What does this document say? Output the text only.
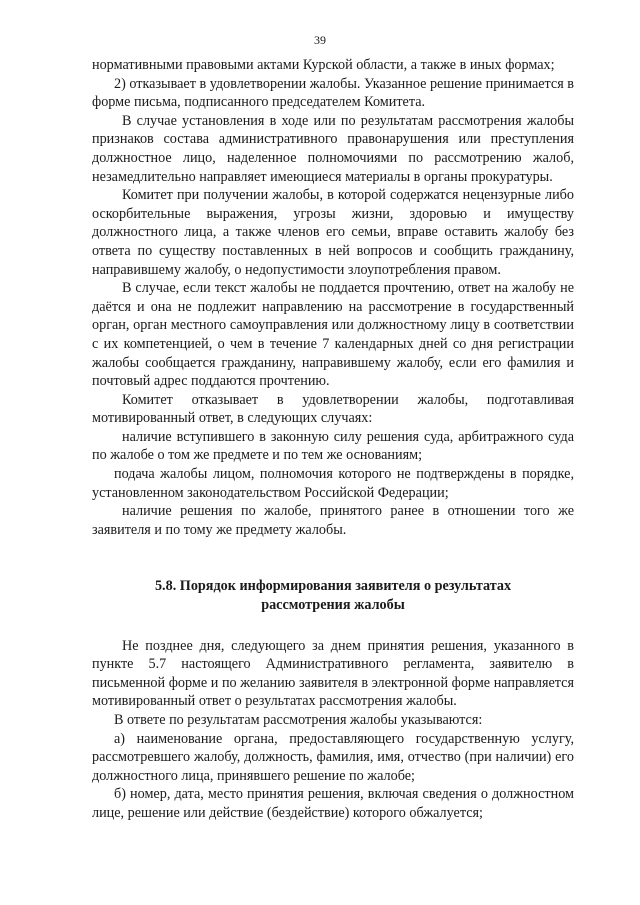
39

нормативными правовыми актами Курской области, а также в иных формах;

2) отказывает в удовлетворении жалобы. Указанное решение принимается в форме письма, подписанного председателем Комитета.

В случае установления в ходе или по результатам рассмотрения жалобы признаков состава административного правонарушения или преступления должностное лицо, наделенное полномочиями по рассмотрению жалоб, незамедлительно направляет имеющиеся материалы в органы прокуратуры.

Комитет при получении жалобы, в которой содержатся нецензурные либо оскорбительные выражения, угрозы жизни, здоровью и имуществу должностного лица, а также членов его семьи, вправе оставить жалобу без ответа по существу поставленных в ней вопросов и сообщить гражданину, направившему жалобу, о недопустимости злоупотребления правом.

В случае, если текст жалобы не поддается прочтению, ответ на жалобу не даётся и она не подлежит направлению на рассмотрение в государственный орган, орган местного самоуправления или должностному лицу в соответствии с их компетенцией, о чем в течение 7 календарных дней со дня регистрации жалобы сообщается гражданину, направившему жалобу, если его фамилия и почтовый адрес поддаются прочтению.

Комитет отказывает в удовлетворении жалобы, подготавливая мотивированный ответ, в следующих случаях:

наличие вступившего в законную силу решения суда, арбитражного суда по жалобе о том же предмете и по тем же основаниям;

подача жалобы лицом, полномочия которого не подтверждены в порядке, установленном законодательством Российской Федерации;

наличие решения по жалобе, принятого ранее в отношении того же заявителя и по тому же предмету жалобы.

5.8. Порядок информирования заявителя о результатах рассмотрения жалобы

Не позднее дня, следующего за днем принятия решения, указанного в пункте 5.7 настоящего Административного регламента, заявителю в письменной форме и по желанию заявителя в электронной форме направляется мотивированный ответ о результатах рассмотрения жалобы.

В ответе по результатам рассмотрения жалобы указываются:

а) наименование органа, предоставляющего государственную услугу, рассмотревшего жалобу, должность, фамилия, имя, отчество (при наличии) его должностного лица, принявшего решение по жалобе;

б) номер, дата, место принятия решения, включая сведения о должностном лице, решение или действие (бездействие) которого обжалуется;
